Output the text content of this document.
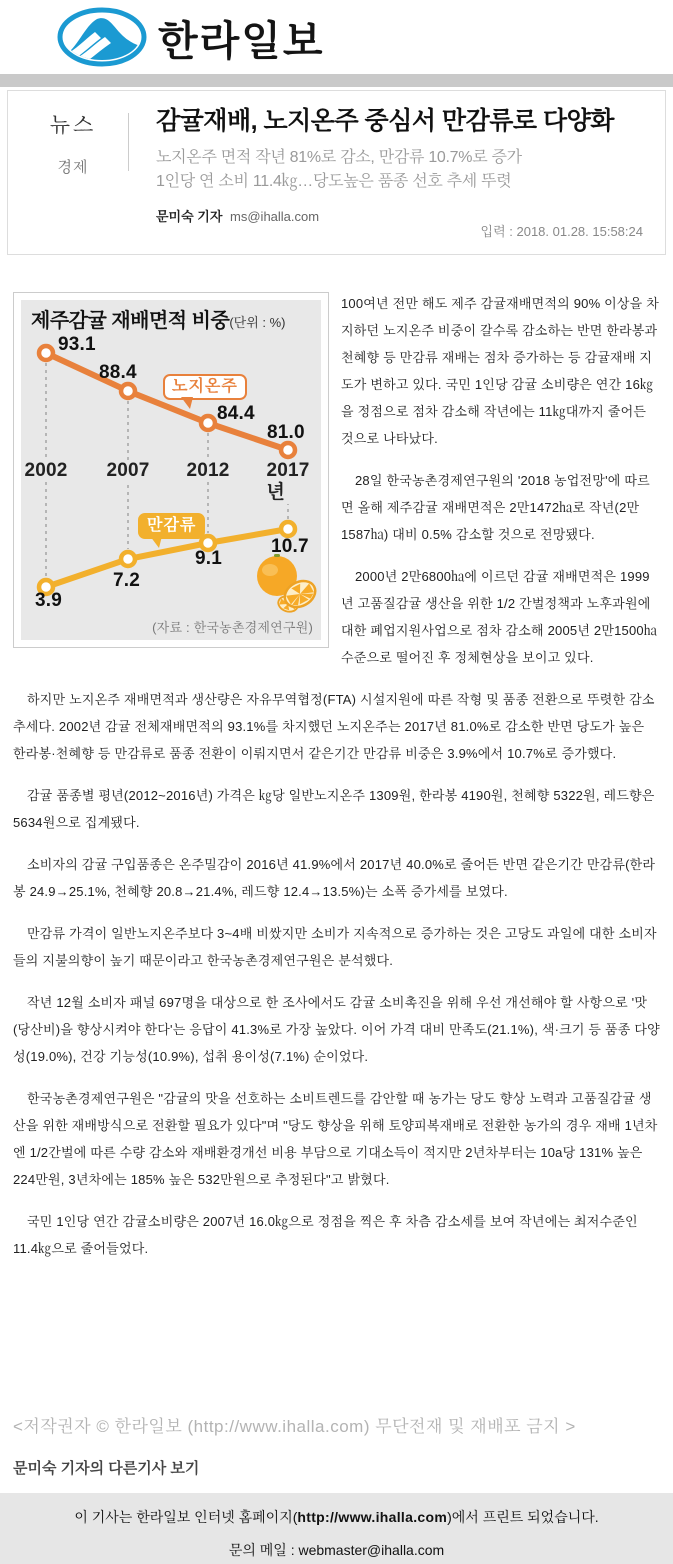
한라일보
뉴스
경제
감귤재배, 노지온주 중심서 만감류로 다양화

노지온주 면적 작년 81%로 감소, 만감류 10.7%로 증가

1인당 연 소비 11.4㎏…당도높은 품종 선호 추세 뚜렷

문미숙 기자 ms@ihalla.com

입력 : 2018. 01.28. 15:58:24
제주감귤 재배면적 비중(단위 : %)
노지온주
만감류
(자료 : 한국농촌경제연구원)
93.1
88.4
84.4
81.0
3.9
7.2
9.1
10.7
2002 2007 2012 2017년

100여년 전만 해도 제주 감귤재배면적의 90% 이상을 차지하던 노지온주 비중이 갈수록 감소하는 반면 한라봉과 천혜향 등 만감류 재배는 점차 증가하는 등 감귤재배 지도가 변하고 있다. 국민 1인당 감귤 소비량은 연간 16㎏을 정점으로 점차 감소해 작년에는 11㎏대까지 줄어든 것으로 나타났다.

28일 한국농촌경제연구원의 '2018 농업전망'에 따르면 올해 제주감귤 재배면적은 2만1472㏊로 작년(2만1587㏊) 대비 0.5% 감소할 것으로 전망됐다.

2000년 2만6800㏊에 이르던 감귤 재배면적은 1999년 고품질감귤 생산을 위한 1/2 간벌정책과 노후과원에 대한 폐업지원사업으로 점차 감소해 2005년 2만1500㏊ 수준으로 떨어진 후 정체현상을 보이고 있다.

하지만 노지온주 재배면적과 생산량은 자유무역협정(FTA) 시설지원에 따른 작형 및 품종 전환으로 뚜렷한 감소 추세다. 2002년 감귤 전체재배면적의 93.1%를 차지했던 노지온주는 2017년 81.0%로 감소한 반면 당도가 높은 한라봉·천혜향 등 만감류로 품종 전환이 이뤄지면서 같은기간 만감류 비중은 3.9%에서 10.7%로 증가했다.

감귤 품종별 평년(2012~2016년) 가격은 ㎏당 일반노지온주 1309원, 한라봉 4190원, 천혜향 5322원, 레드향은 5634원으로 집계됐다.

소비자의 감귤 구입품종은 온주밀감이 2016년 41.9%에서 2017년 40.0%로 줄어든 반면 같은기간 만감류(한라봉 24.9→25.1%, 천혜향 20.8→21.4%, 레드향 12.4→13.5%)는 소폭 증가세를 보였다.

만감류 가격이 일반노지온주보다 3~4배 비쌌지만 소비가 지속적으로 증가하는 것은 고당도 과일에 대한 소비자들의 지불의향이 높기 때문이라고 한국농촌경제연구원은 분석했다.

작년 12월 소비자 패널 697명을 대상으로 한 조사에서도 감귤 소비촉진을 위해 우선 개선해야 할 사항으로 '맛(당산비)을 향상시켜야 한다'는 응답이 41.3%로 가장 높았다. 이어 가격 대비 만족도(21.1%), 색·크기 등 품종 다양성(19.0%), 건강 기능성(10.9%), 섭취 용이성(7.1%) 순이었다.

한국농촌경제연구원은 "감귤의 맛을 선호하는 소비트렌드를 감안할 때 농가는 당도 향상 노력과 고품질감귤 생산을 위한 재배방식으로 전환할 필요가 있다"며 "당도 향상을 위해 토양피복재배로 전환한 농가의 경우 재배 1년차엔 1/2간벌에 따른 수량 감소와 재배환경개선 비용 부담으로 기대소득이 적지만 2년차부터는 10a당 131% 높은 224만원, 3년차에는 185% 높은 532만원으로 추정된다"고 밝혔다.

국민 1인당 연간 감귤소비량은 2007년 16.0㎏으로 정점을 찍은 후 차츰 감소세를 보여 작년에는 최저수준인 11.4㎏으로 줄어들었다.

<저작권자 © 한라일보 (http://www.ihalla.com) 무단전재 및 재배포 금지 >
문미숙 기자의 다른기사 보기

이 기사는 한라일보 인터넷 홈페이지(http://www.ihalla.com)에서 프린트 되었습니다.

문의 메일 : webmaster@ihalla.com
